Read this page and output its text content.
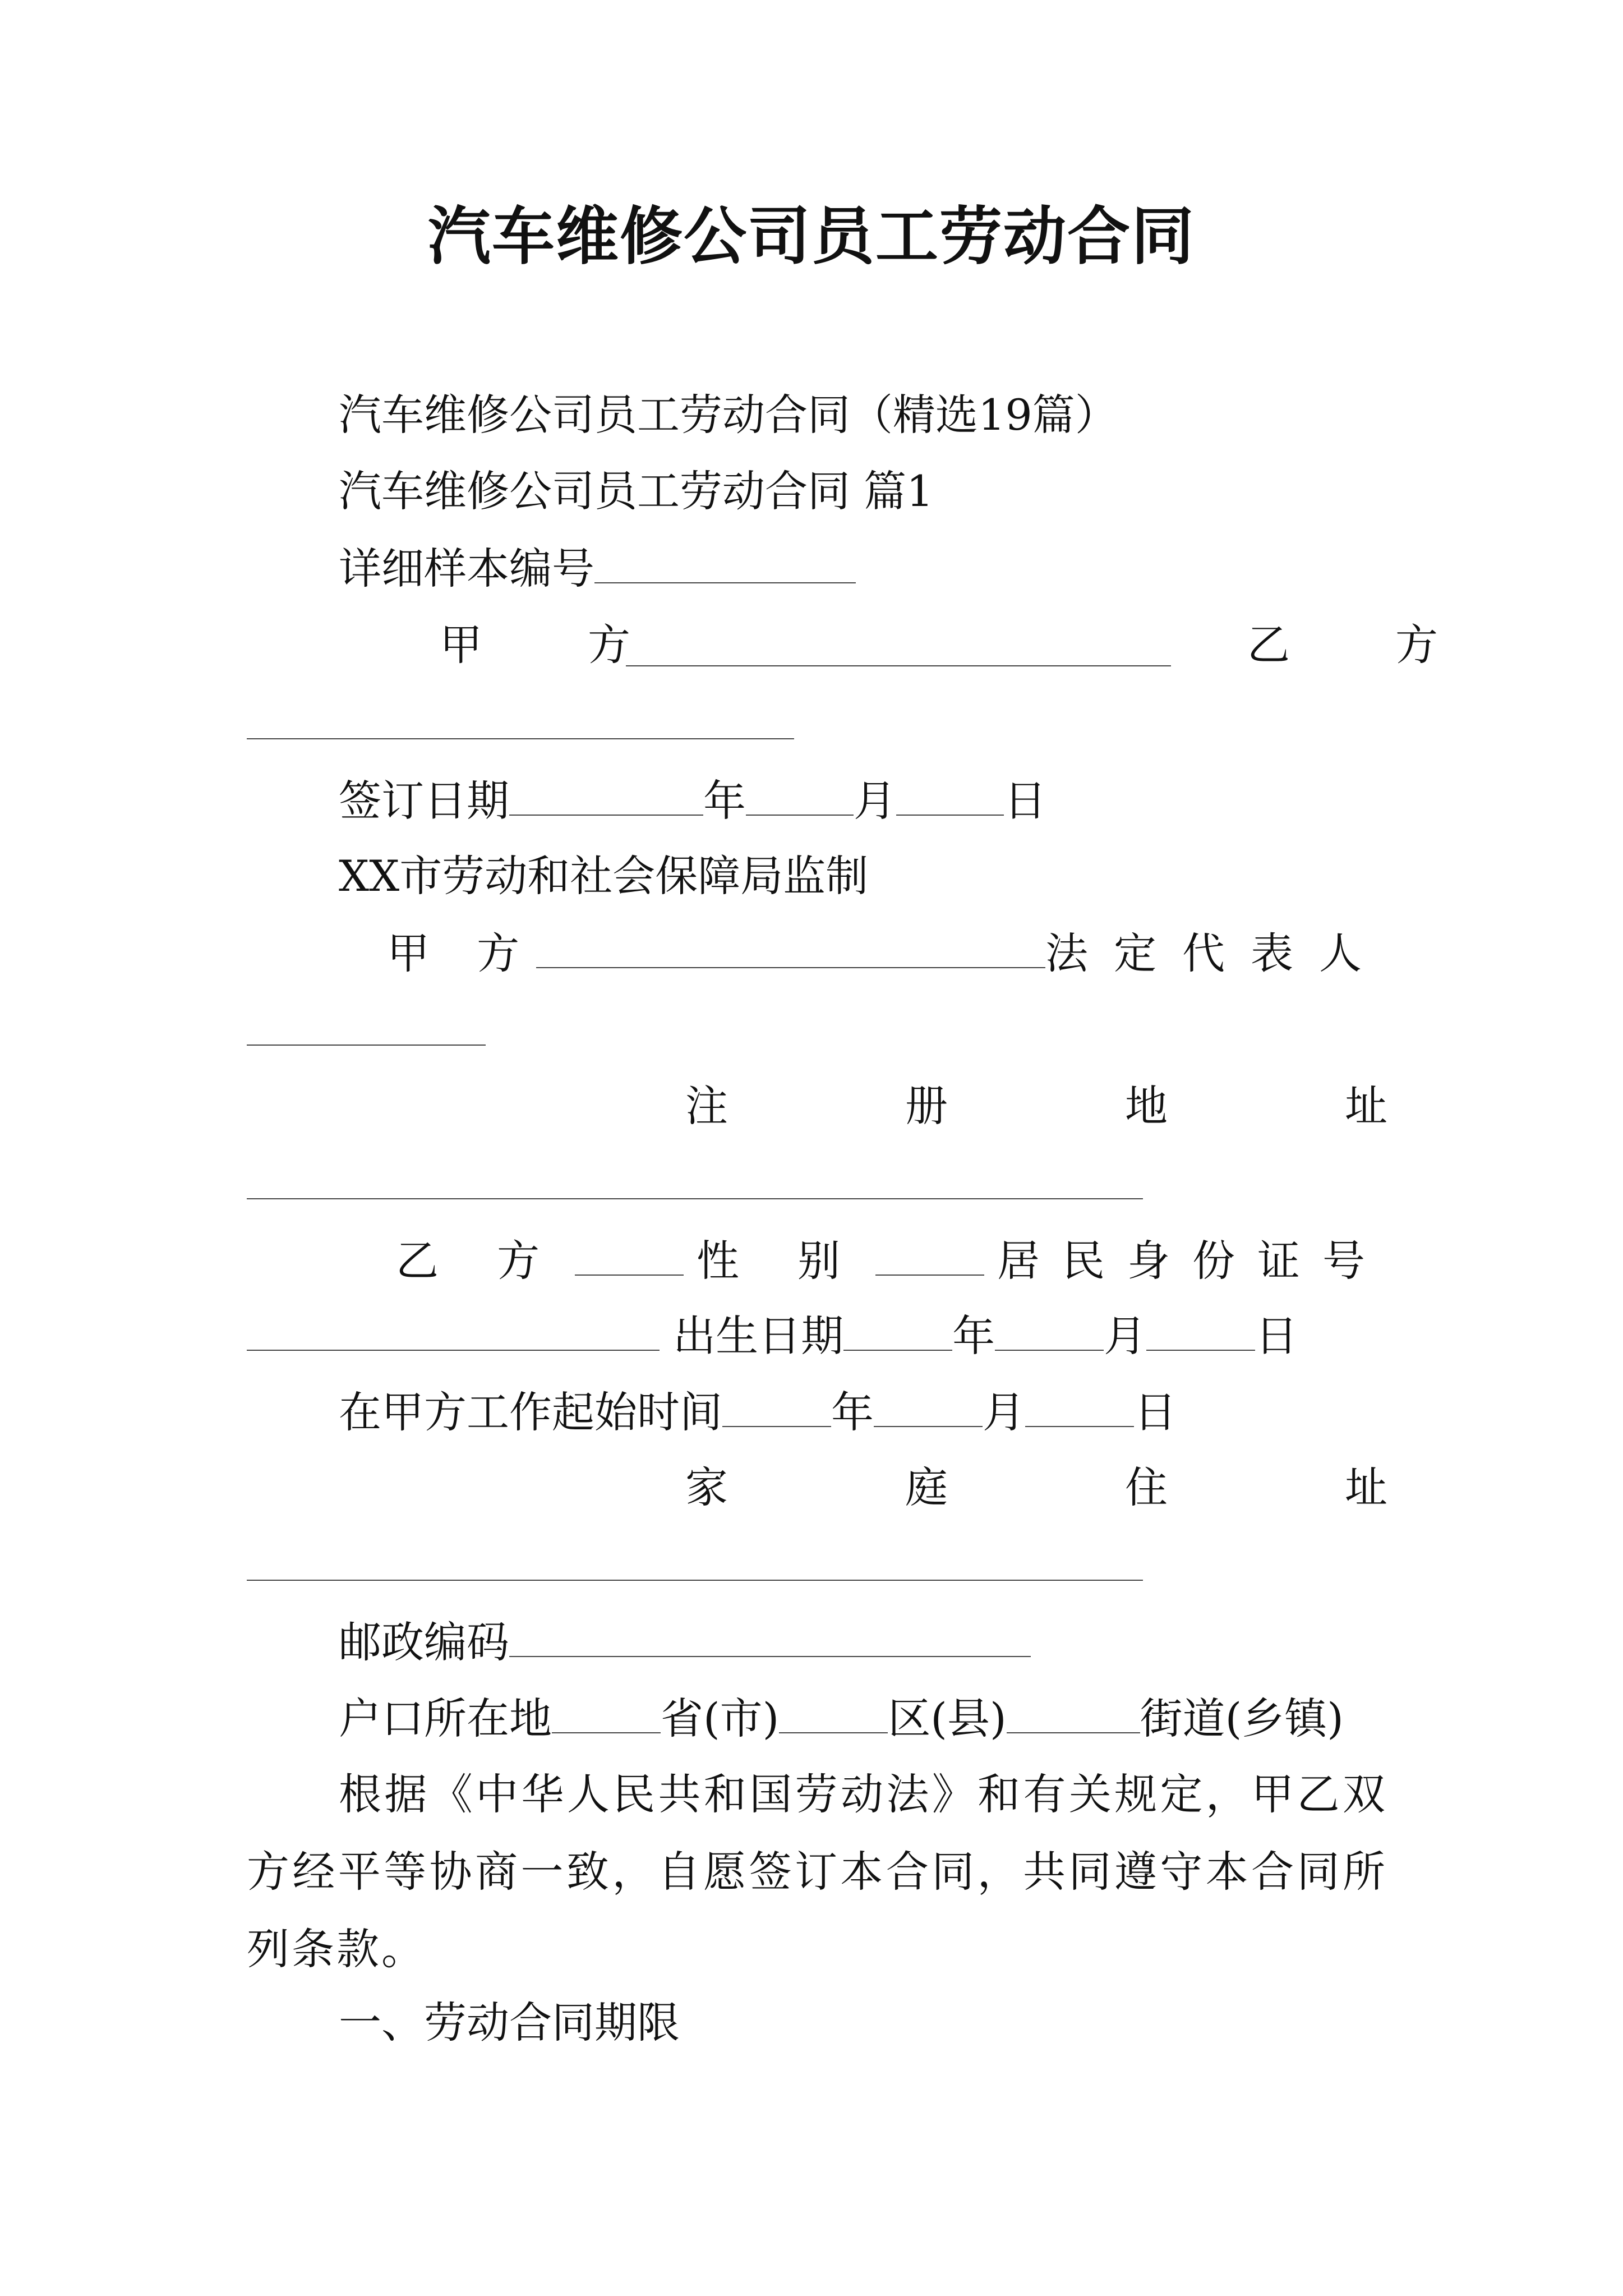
汽车维修公司员工劳动合同
汽车维修公司员工劳动合同（精选19篇）
汽车维修公司员工劳动合同 篇1
详细样本编号
甲　方	乙　方
签订日期	年	月	日
XX市劳动和社会保障局监制
甲 方	法定代表人
注	册	地	址
乙 方	性 别	居民身份证号
出生日期	年	月	日
在甲方工作起始时间	年	月	日
家	庭	住	址
邮政编码
户口所在地	省(市)	区(县)	街道(乡镇)
根据《中华人民共和国劳动法》和有关规定，甲乙双方经平等协商一致，自愿签订本合同，共同遵守本合同所列条款。
一、劳动合同期限
